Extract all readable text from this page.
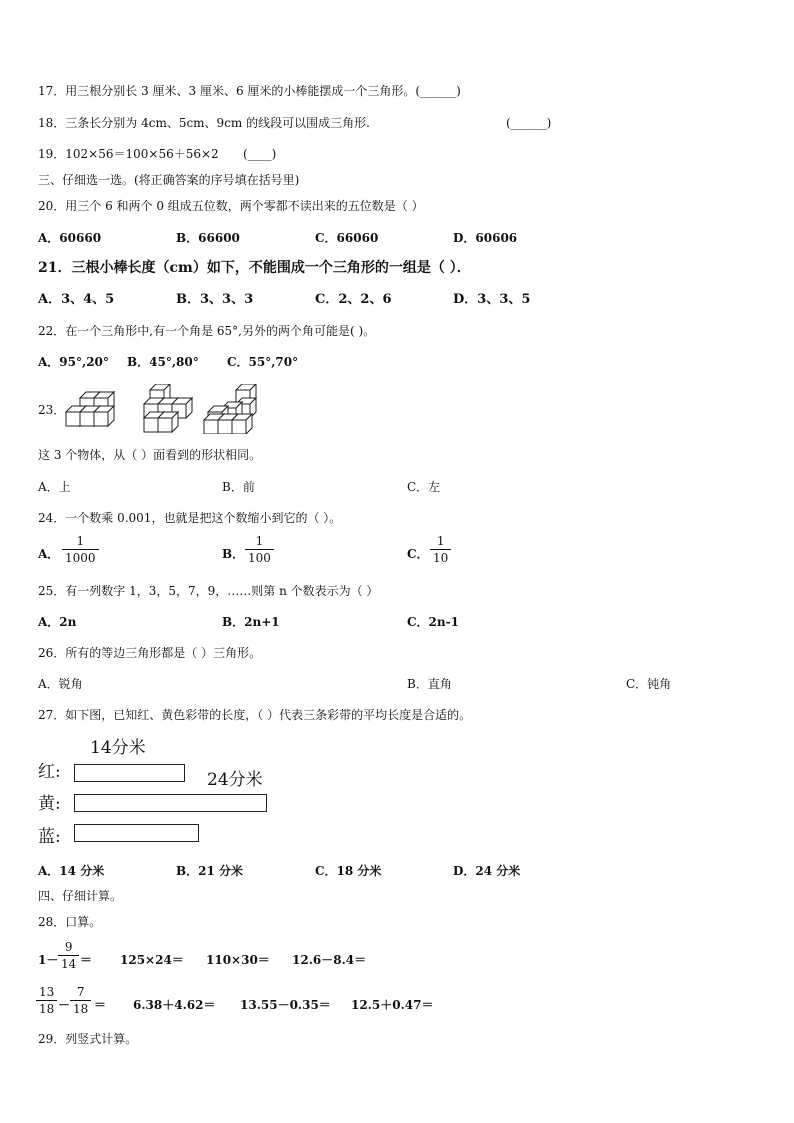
17．用三根分别长 3 厘米、3 厘米、6 厘米的小棒能摆成一个三角形。(______)
18．三条长分别为 4cm、5cm、9cm 的线段可以围成三角形.	(______)
19．102×56＝100×56＋56×2 (____)
三、仔细选一选。(将正确答案的序号填在括号里)
20．用三个 6 和两个 0 组成五位数，两个零都不读出来的五位数是（ ）
A．60660	B．66600	C．66060	D．60606
21．三根小棒长度（cm）如下，不能围成一个三角形的一组是（ ）．
A．3、4、5	B．3、3、3	C．2、2、6	D．3、3、5
22．在一个三角形中,有一个角是 65°,另外的两个角可能是( )。
A．95°,20° B．45°,80° C．55°,70°
23．
这 3 个物体，从（ ）面看到的形状相同。
A．上	B．前	C．左
24．一个数乘 0.001，也就是把这个数缩小到它的（ ）。
A．
1
1000	B．
1
100	C．
1
10
25．有一列数字 1，3，5，7，9，……则第 n 个数表示为（ ）
A．2n	B．2n+1	C．2n-1
26．所有的等边三角形都是（ ）三角形。
A．锐角	B．直角	C．钝角
27．如下图，已知红、黄色彩带的长度，（ ）代表三条彩带的平均长度是合适的。
14分米
红:	24分米
黄:
蓝:
A．14 分米	B．21 分米	C．18 分米	D．24 分米
四、仔细计算。
28．口算。
1－
9
14 ＝ 125×24＝ 110×30＝ 12.6－8.4＝
13
18 －
7
18 ＝ 6.38＋4.62＝ 13.55－0.35＝ 12.5＋0.47＝
29．列竖式计算。
